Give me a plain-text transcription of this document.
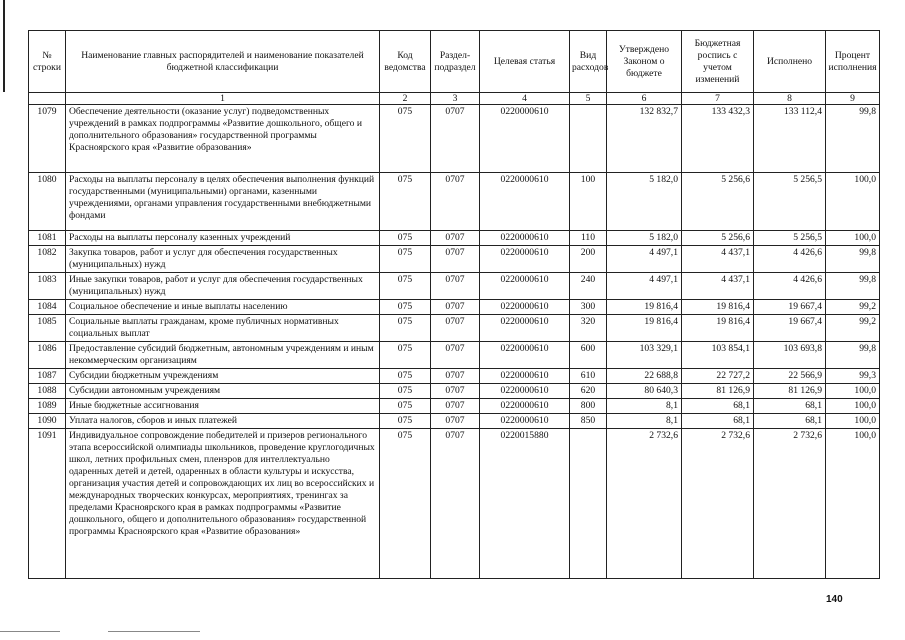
№ строки	Наименование главных распорядителей и наименование показателей бюджетной классификации	Код ведомства	Раздел-подраздел	Целевая статья	Вид расходов	Утверждено Законом о бюджете	Бюджетная роспись с учетом изменений	Исполнено	Процент исполнения
	1	2	3	4	5	6	7	8	9
1079	Обеспечение деятельности (оказание услуг) подведомственных учреждений в рамках подпрограммы «Развитие дошкольного, общего и дополнительного образования» государственной программы Красноярского края «Развитие образования»	075	0707	0220000610		132 832,7	133 432,3	133 112,4	99,8
1080	Расходы на выплаты персоналу в целях обеспечения выполнения функций государственными (муниципальными) органами, казенными учреждениями, органами управления государственными внебюджетными фондами	075	0707	0220000610	100	5 182,0	5 256,6	5 256,5	100,0
1081	Расходы на выплаты персоналу казенных учреждений	075	0707	0220000610	110	5 182,0	5 256,6	5 256,5	100,0
1082	Закупка товаров, работ и услуг для обеспечения государственных (муниципальных) нужд	075	0707	0220000610	200	4 497,1	4 437,1	4 426,6	99,8
1083	Иные закупки товаров, работ и услуг для обеспечения государственных (муниципальных) нужд	075	0707	0220000610	240	4 497,1	4 437,1	4 426,6	99,8
1084	Социальное обеспечение и иные выплаты населению	075	0707	0220000610	300	19 816,4	19 816,4	19 667,4	99,2
1085	Социальные выплаты гражданам, кроме публичных нормативных социальных выплат	075	0707	0220000610	320	19 816,4	19 816,4	19 667,4	99,2
1086	Предоставление субсидий бюджетным, автономным учреждениям и иным некоммерческим организациям	075	0707	0220000610	600	103 329,1	103 854,1	103 693,8	99,8
1087	Субсидии бюджетным учреждениям	075	0707	0220000610	610	22 688,8	22 727,2	22 566,9	99,3
1088	Субсидии автономным учреждениям	075	0707	0220000610	620	80 640,3	81 126,9	81 126,9	100,0
1089	Иные бюджетные ассигнования	075	0707	0220000610	800	8,1	68,1	68,1	100,0
1090	Уплата налогов, сборов и иных платежей	075	0707	0220000610	850	8,1	68,1	68,1	100,0
1091	Индивидуальное сопровождение победителей и призеров регионального этапа всероссийской олимпиады школьников, проведение круглогодичных школ, летних профильных смен, пленэров для интеллектуально одаренных детей и детей, одаренных в области культуры и искусства, организация участия детей и сопровождающих их лиц во всероссийских и международных творческих конкурсах, мероприятиях, тренингах за пределами Красноярского края в рамках подпрограммы «Развитие дошкольного, общего и дополнительного образования» государственной программы Красноярского края «Развитие образования»	075	0707	0220015880		2 732,6	2 732,6	2 732,6	100,0
140
